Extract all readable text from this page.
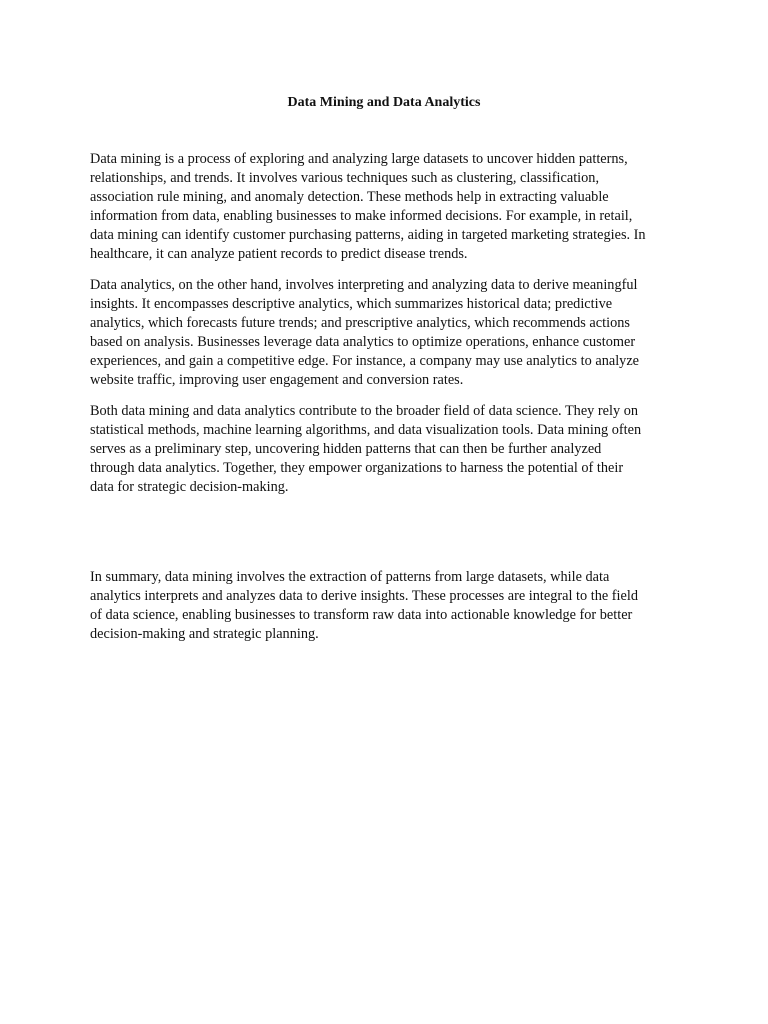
Data Mining and Data Analytics

Data mining is a process of exploring and analyzing large datasets to uncover hidden patterns,
relationships, and trends. It involves various techniques such as clustering, classification,
association rule mining, and anomaly detection. These methods help in extracting valuable
information from data, enabling businesses to make informed decisions. For example, in retail,
data mining can identify customer purchasing patterns, aiding in targeted marketing strategies. In
healthcare, it can analyze patient records to predict disease trends.

Data analytics, on the other hand, involves interpreting and analyzing data to derive meaningful
insights. It encompasses descriptive analytics, which summarizes historical data; predictive
analytics, which forecasts future trends; and prescriptive analytics, which recommends actions
based on analysis. Businesses leverage data analytics to optimize operations, enhance customer
experiences, and gain a competitive edge. For instance, a company may use analytics to analyze
website traffic, improving user engagement and conversion rates.

Both data mining and data analytics contribute to the broader field of data science. They rely on
statistical methods, machine learning algorithms, and data visualization tools. Data mining often
serves as a preliminary step, uncovering hidden patterns that can then be further analyzed
through data analytics. Together, they empower organizations to harness the potential of their
data for strategic decision-making.

In summary, data mining involves the extraction of patterns from large datasets, while data
analytics interprets and analyzes data to derive insights. These processes are integral to the field
of data science, enabling businesses to transform raw data into actionable knowledge for better
decision-making and strategic planning.
